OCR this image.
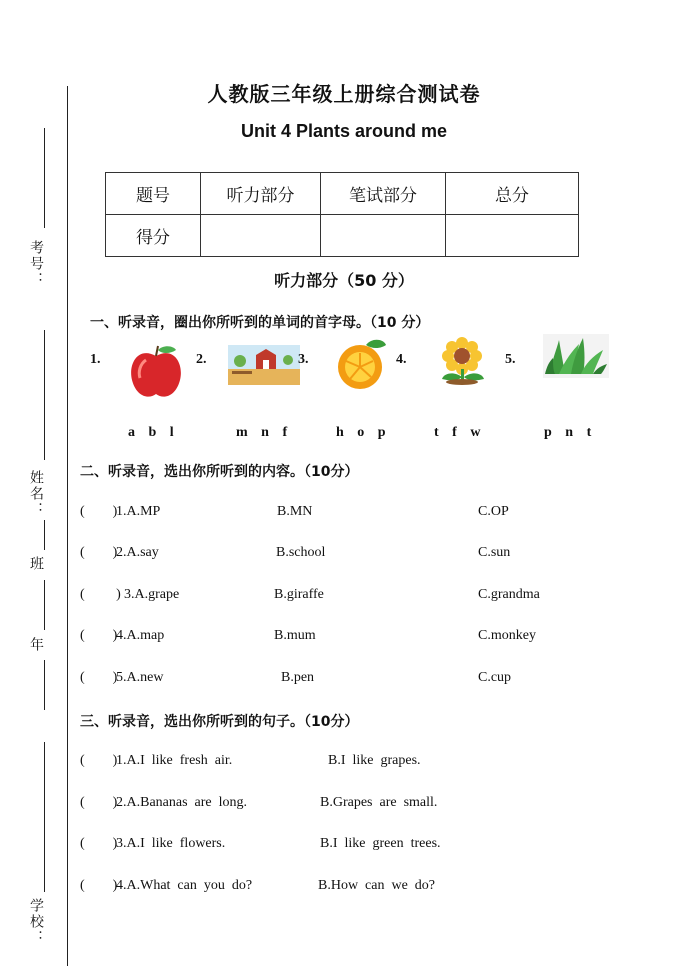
考号：
姓名：
班
年
学校：
人教版三年级上册综合测试卷
Unit 4 Plants around me
题号	听力部分	笔试部分	总分
得分			
听力部分（50 分）
一、听录音，圈出你所听到的单词的首字母。（10 分）
1.	2.	3.	4.	5.
a b l	m n f	h o p	t f w	p n t
二、听录音，选出你所听到的内容。（10分）
(        )
1.A.MP	B.MN	C.OP
(        )
2.A.say	B.school	C.sun
(         ) 3.A.grape	B.giraffe	C.grandma
(        )
4.A.map	B.mum	C.monkey
(        )
5.A.new	B.pen	C.cup
三、听录音，选出你所听到的句子。（10分）
(        )
1.A.I  like  fresh  air.	B.I  like  grapes.
(        )
2.A.Bananas  are  long.	B.Grapes  are  small.
(        )
3.A.I  like  flowers.	B.I  like  green  trees.
(        )
4.A.What  can  you  do?	B.How  can  we  do?
